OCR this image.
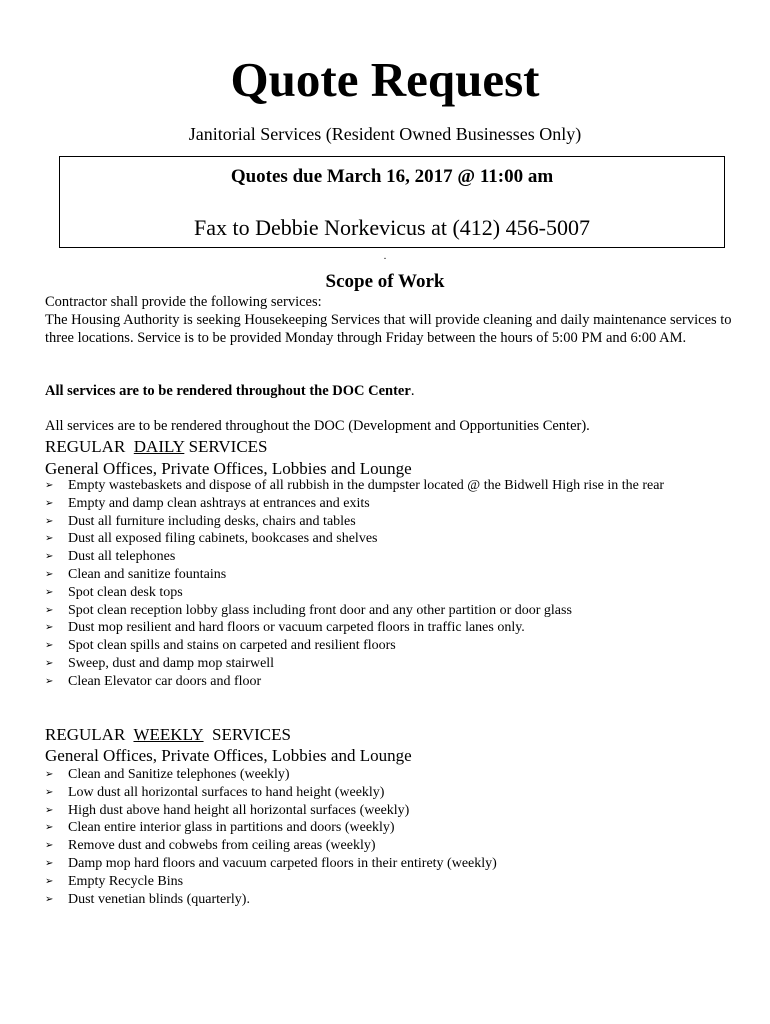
Quote Request
Janitorial Services (Resident Owned Businesses Only)
Quotes due March 16, 2017 @ 11:00 am
Fax to Debbie Norkevicus at (412) 456-5007
.
Scope of Work
Contractor shall provide the following services:
The Housing Authority is seeking Housekeeping Services that will provide cleaning and daily maintenance services to three locations. Service is to be provided Monday through Friday between the hours of 5:00 PM and 6:00 AM.
All services are to be rendered throughout the DOC Center.
All services are to be rendered throughout the DOC (Development and Opportunities Center).
REGULAR DAILY SERVICES
General Offices, Private Offices, Lobbies and Lounge
➢ Empty wastebaskets and dispose of all rubbish in the dumpster located @ the Bidwell High rise in the rear
➢ Empty and damp clean ashtrays at entrances and exits
➢ Dust all furniture including desks, chairs and tables
➢ Dust all exposed filing cabinets, bookcases and shelves
➢ Dust all telephones
➢ Clean and sanitize fountains
➢ Spot clean desk tops
➢ Spot clean reception lobby glass including front door and any other partition or door glass
➢ Dust mop resilient and hard floors or vacuum carpeted floors in traffic lanes only.
➢ Spot clean spills and stains on carpeted and resilient floors
➢ Sweep, dust and damp mop stairwell
➢ Clean Elevator car doors and floor
REGULAR WEEKLY SERVICES
General Offices, Private Offices, Lobbies and Lounge
➢ Clean and Sanitize telephones (weekly)
➢ Low dust all horizontal surfaces to hand height (weekly)
➢ High dust above hand height all horizontal surfaces (weekly)
➢ Clean entire interior glass in partitions and doors (weekly)
➢ Remove dust and cobwebs from ceiling areas (weekly)
➢ Damp mop hard floors and vacuum carpeted floors in their entirety (weekly)
➢ Empty Recycle Bins
➢ Dust venetian blinds (quarterly).
